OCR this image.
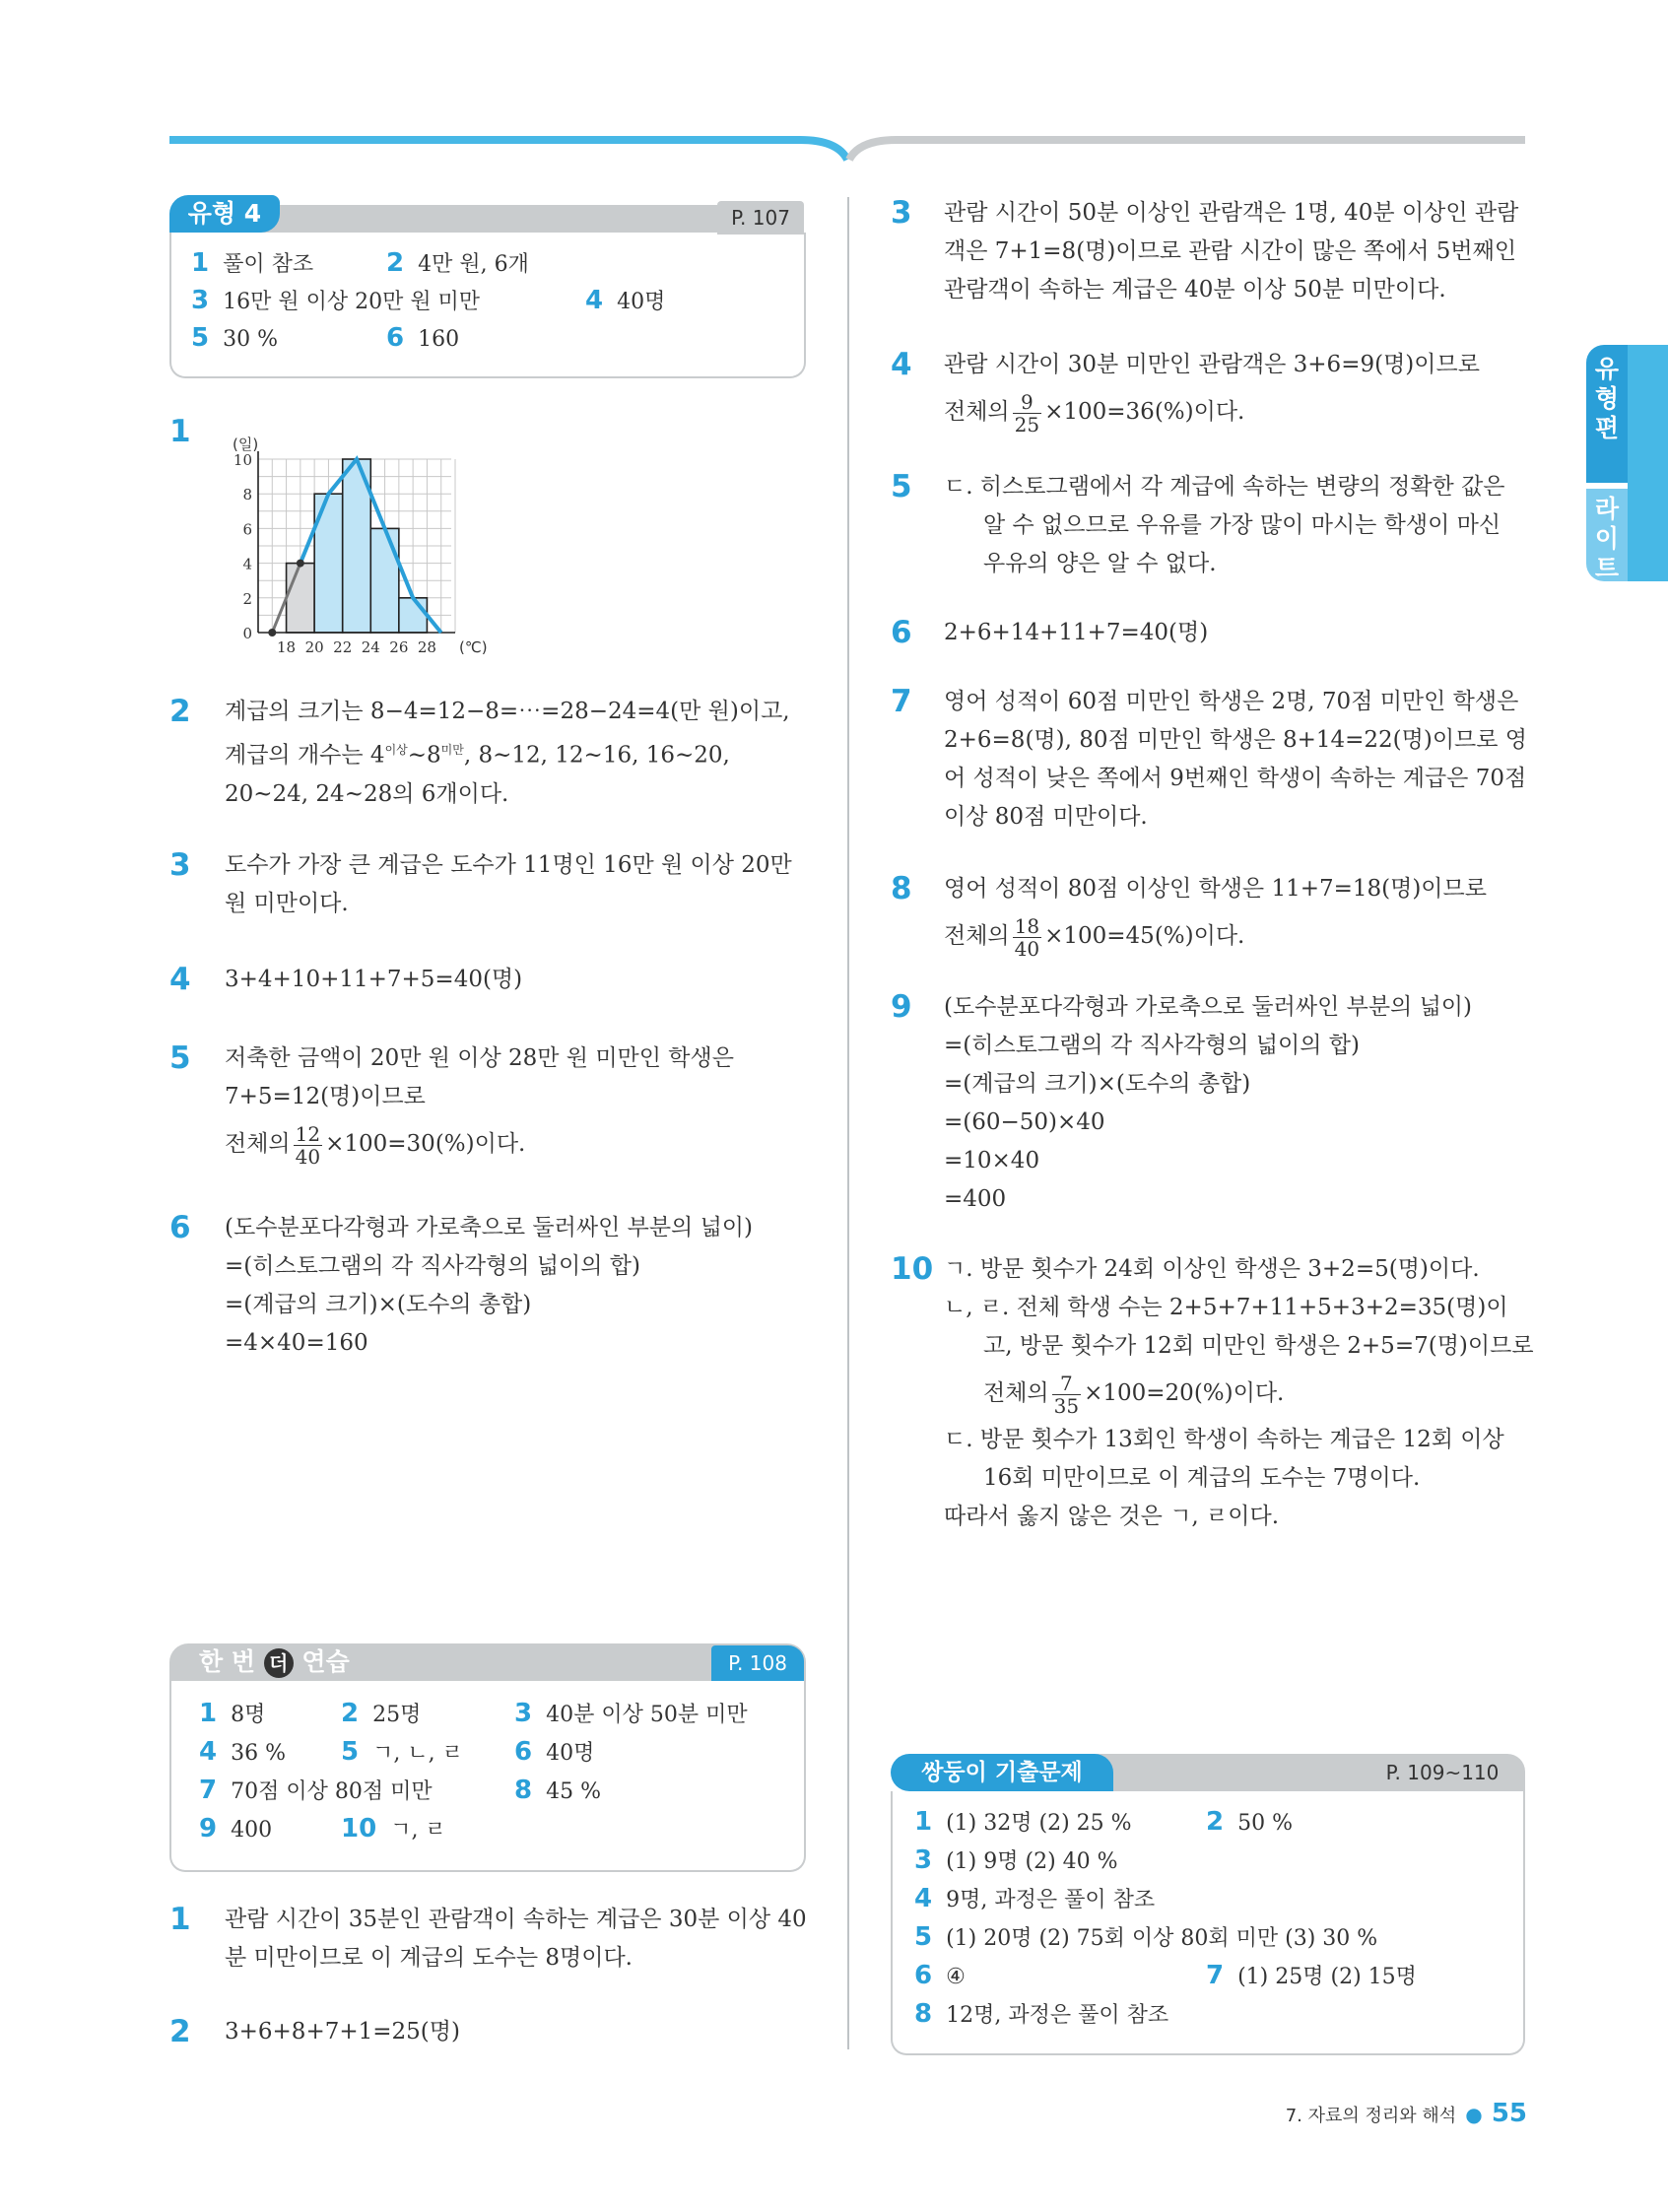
유형 4	P. 107
1 풀이 참조	2 4만 원, 6개
3 16만 원 이상 20만 원 미만	4 40명
5 30 %	6 160
1
0
2
4
6
8
10
18 20 22 24 26 28
(일)
(℃)
2 계급의 크기는 8−4=12−8=⋯=28−24=4(만 원)이고,
계급의 개수는 $4^{이상}\sim 8^{미만}$, 8~12, 12~16, 16~20,
20~24, 24~28의 6개이다.
3 도수가 가장 큰 계급은 도수가 11명인 16만 원 이상 20만
원 미만이다.
4 3+4+10+11+7+5=40(명)
5 저축한 금액이 20만 원 이상 28만 원 미만인 학생은
7+5=12(명)이므로
전체의 $\frac{12}{40} \times 100=30(\%)$이다.
6 (도수분포다각형과 가로축으로 둘러싸인 부분의 넓이)
=(히스토그램의 각 직사각형의 넓이의 합)
=(계급의 크기)×(도수의 총합)
=4×40=160
한 번 더 연습	P. 108
1 8명	2 25명	3 40분 이상 50분 미만
4 36 % 5 ㄱ, ㄴ, ㄹ 6 40명
7 70점 이상 80점 미만	8 45 %
9 400	10 ㄱ, ㄹ
1 관람 시간이 35분인 관람객이 속하는 계급은 30분 이상 40
분 미만이므로 이 계급의 도수는 8명이다.
2 3+6+8+7+1=25(명)
3 관람 시간이 50분 이상인 관람객은 1명, 40분 이상인 관람
객은 7+1=8(명)이므로 관람 시간이 많은 쪽에서 5번째인
관람객이 속하는 계급은 40분 이상 50분 미만이다.
4 관람 시간이 30분 미만인 관람객은 3+6=9(명)이므로
전체의 $\frac{9}{25} \times 100=36(\%)$이다.
5 ㄷ. 히스토그램에서 각 계급에 속하는 변량의 정확한 값은
알 수 없으므로 우유를 가장 많이 마시는 학생이 마신
우유의 양은 알 수 없다.
6 2+6+14+11+7=40(명)
7 영어 성적이 60점 미만인 학생은 2명, 70점 미만인 학생은
2+6=8(명), 80점 미만인 학생은 8+14=22(명)이므로 영
어 성적이 낮은 쪽에서 9번째인 학생이 속하는 계급은 70점
이상 80점 미만이다.
8 영어 성적이 80점 이상인 학생은 11+7=18(명)이므로
전체의 $\frac{18}{40} \times 100=45(\%)$이다.
9 (도수분포다각형과 가로축으로 둘러싸인 부분의 넓이)
=(히스토그램의 각 직사각형의 넓이의 합)
=(계급의 크기)×(도수의 총합)
=(60−50)×40
=10×40
=400
10 ㄱ. 방문 횟수가 24회 이상인 학생은 3+2=5(명)이다.
ㄴ, ㄹ. 전체 학생 수는 2+5+7+11+5+3+2=35(명)이
고, 방문 횟수가 12회 미만인 학생은 2+5=7(명)이므로
전체의 $\frac{7}{35} \times 100=20(\%)$이다.
ㄷ. 방문 횟수가 13회인 학생이 속하는 계급은 12회 이상
16회 미만이므로 이 계급의 도수는 7명이다.
따라서 옳지 않은 것은 ㄱ, ㄹ이다.
쌍둥이 기출문제	P. 109~110
1 (1) 32명 (2) 25 %	2 50 %
3 (1) 9명 (2) 40 %
4 9명, 과정은 풀이 참조
5 (1) 20명 (2) 75회 이상 80회 미만 (3) 30 %
6 ④	7 (1) 25명 (2) 15명
8 12명, 과정은 풀이 참조
유
형
편
라
이
트
7. 자료의 정리와 해석 ● 55
